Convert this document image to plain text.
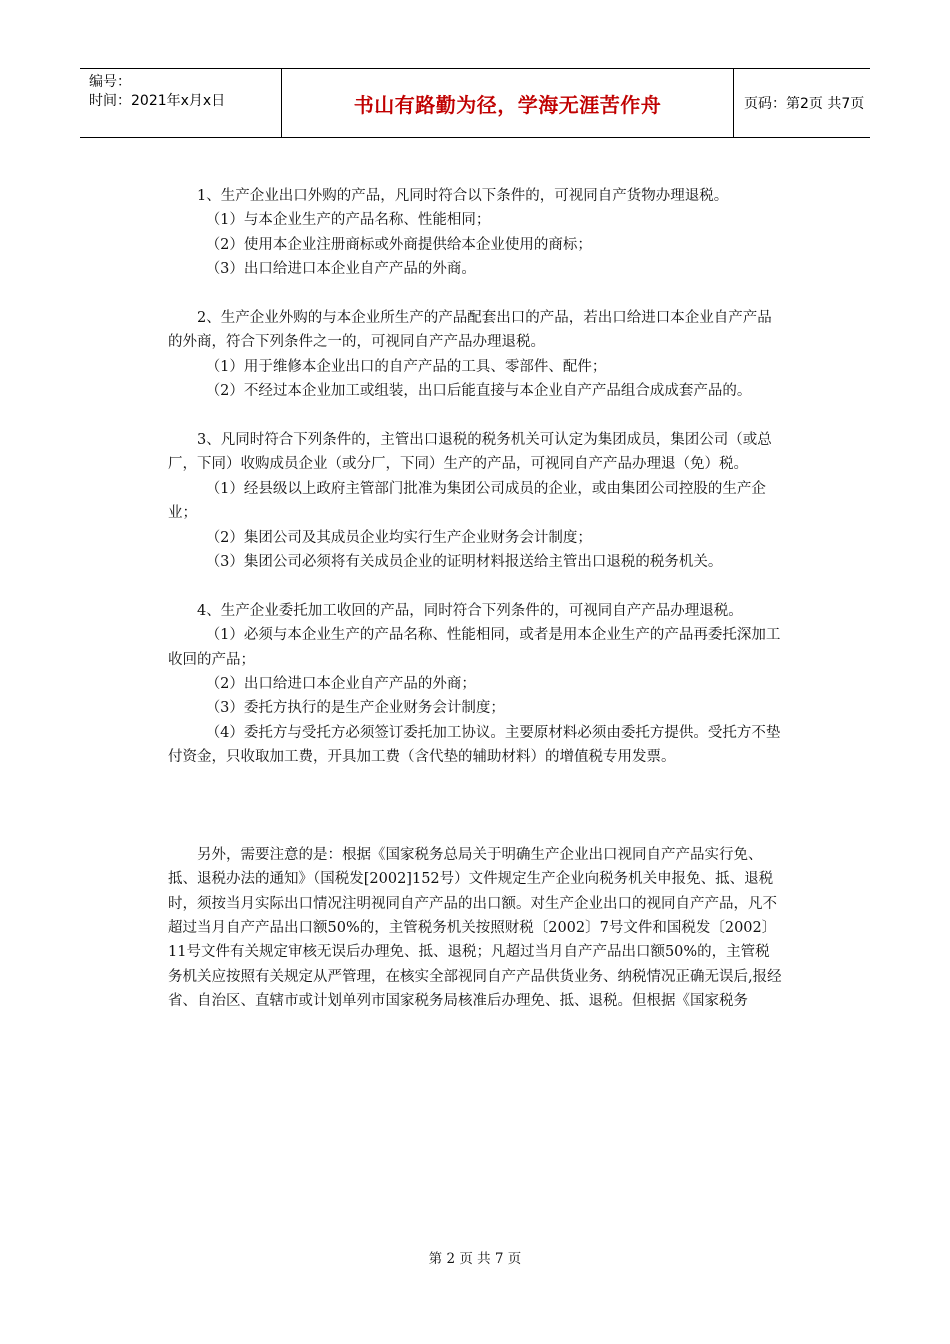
编号：
时间：2021年x月x日	书山有路勤为径，学海无涯苦作舟	页码：第2页 共7页

1、生产企业出口外购的产品，凡同时符合以下条件的，可视同自产货物办理退税。

（1）与本企业生产的产品名称、性能相同；

（2）使用本企业注册商标或外商提供给本企业使用的商标；

（3）出口给进口本企业自产产品的外商。

2、生产企业外购的与本企业所生产的产品配套出口的产品，若出口给进口本企业自产产品的外商，符合下列条件之一的，可视同自产产品办理退税。

（1）用于维修本企业出口的自产产品的工具、零部件、配件；

（2）不经过本企业加工或组装，出口后能直接与本企业自产产品组合成成套产品的。

3、凡同时符合下列条件的，主管出口退税的税务机关可认定为集团成员，集团公司（或总厂，下同）收购成员企业（或分厂，下同）生产的产品，可视同自产产品办理退（免）税。

（1）经县级以上政府主管部门批准为集团公司成员的企业，或由集团公司控股的生产企业；

（2）集团公司及其成员企业均实行生产企业财务会计制度；

（3）集团公司必须将有关成员企业的证明材料报送给主管出口退税的税务机关。

4、生产企业委托加工收回的产品，同时符合下列条件的，可视同自产产品办理退税。

（1）必须与本企业生产的产品名称、性能相同，或者是用本企业生产的产品再委托深加工收回的产品；

（2）出口给进口本企业自产产品的外商；

（3）委托方执行的是生产企业财务会计制度；

（4）委托方与受托方必须签订委托加工协议。主要原材料必须由委托方提供。受托方不垫付资金，只收取加工费，开具加工费（含代垫的辅助材料）的增值税专用发票。

另外，需要注意的是：根据《国家税务总局关于明确生产企业出口视同自产产品实行免、抵、退税办法的通知》（国税发[2002]152号）文件规定生产企业向税务机关申报免、抵、退税时，须按当月实际出口情况注明视同自产产品的出口额。对生产企业出口的视同自产产品，凡不超过当月自产产品出口额50%的，主管税务机关按照财税〔2002〕7号文件和国税发〔2002〕11号文件有关规定审核无误后办理免、抵、退税；凡超过当月自产产品出口额50%的，主管税务机关应按照有关规定从严管理，在核实全部视同自产产品供货业务、纳税情况正确无误后,报经省、自治区、直辖市或计划单列市国家税务局核准后办理免、抵、退税。但根据《国家税务

第 2 页 共 7 页
